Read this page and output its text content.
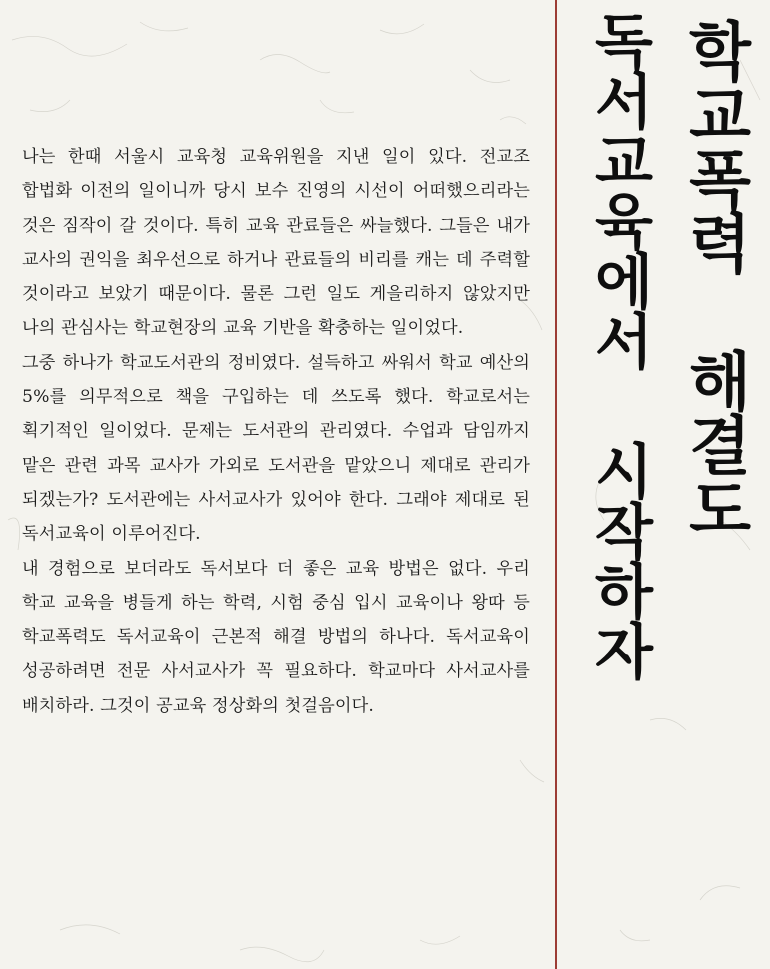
나는 한때 서울시 교육청 교육위원을 지낸 일이 있다. 전교조 합법화 이전의 일이니까 당시 보수 진영의 시선이 어떠했으리라는 것은 짐작이 갈 것이다. 특히 교육 관료들은 싸늘했다. 그들은 내가 교사의 권익을 최우선으로 하거나 관료들의 비리를 캐는 데 주력할 것이라고 보았기 때문이다. 물론 그런 일도 게을리하지 않았지만 나의 관심사는 학교현장의 교육 기반을 확충하는 일이었다.

그중 하나가 학교도서관의 정비였다. 설득하고 싸워서 학교 예산의 5%를 의무적으로 책을 구입하는 데 쓰도록 했다. 학교로서는 획기적인 일이었다. 문제는 도서관의 관리였다. 수업과 담임까지 맡은 관련 과목 교사가 가외로 도서관을 맡았으니 제대로 관리가 되겠는가? 도서관에는 사서교사가 있어야 한다. 그래야 제대로 된 독서교육이 이루어진다.

내 경험으로 보더라도 독서보다 더 좋은 교육 방법은 없다. 우리 학교 교육을 병들게 하는 학력, 시험 중심 입시 교육이나 왕따 등 학교폭력도 독서교육이 근본적 해결 방법의 하나다. 독서교육이 성공하려면 전문 사서교사가 꼭 필요하다. 학교마다 사서교사를 배치하라. 그것이 공교육 정상화의 첫걸음이다.

학교폭력 해결도
독서교육에서 시작하자
